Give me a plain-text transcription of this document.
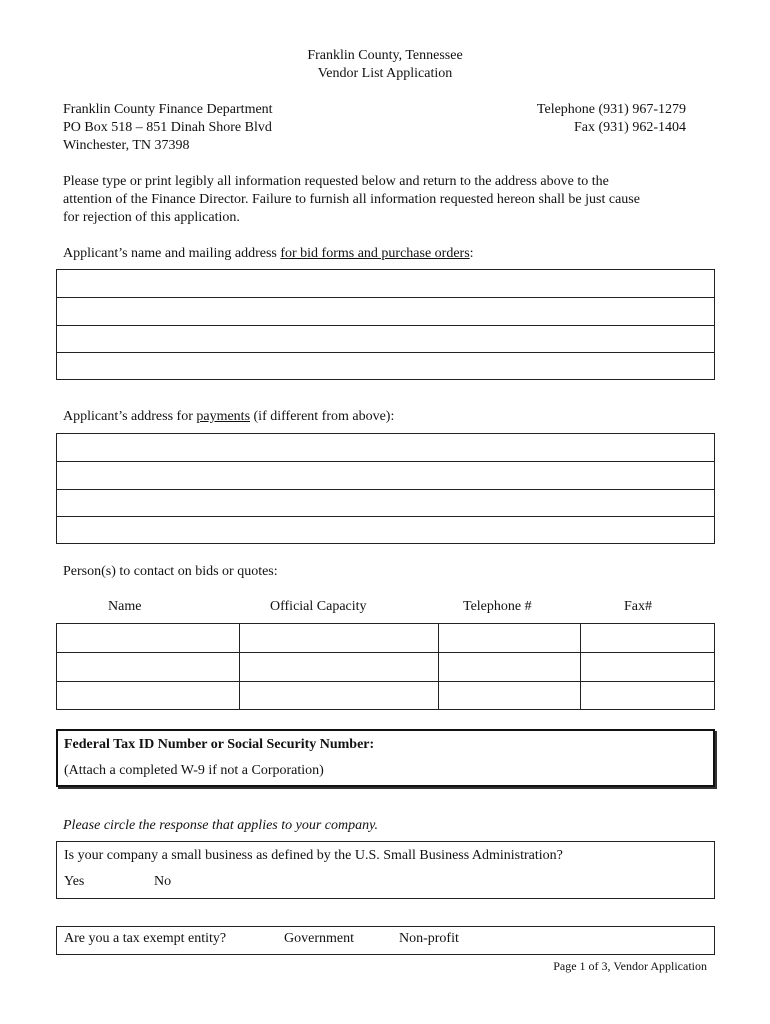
Franklin County, Tennessee
Vendor List Application
Franklin County Finance Department
PO Box 518 – 851 Dinah Shore Blvd
Winchester, TN 37398
Telephone (931) 967-1279
Fax (931) 962-1404
Please type or print legibly all information requested below and return to the address above to the
attention of the Finance Director. Failure to furnish all information requested hereon shall be just cause
for rejection of this application.
Applicant’s name and mailing address for bid forms and purchase orders:
Applicant’s address for payments (if different from above):
Person(s) to contact on bids or quotes:
Name	Official Capacity	Telephone #	Fax#
Federal Tax ID Number or Social Security Number:
(Attach a completed W-9 if not a Corporation)
Please circle the response that applies to your company.
Is your company a small business as defined by the U.S. Small Business Administration?
Yes	No
Are you a tax exempt entity?	Government	Non-profit
Page 1 of 3, Vendor Application
